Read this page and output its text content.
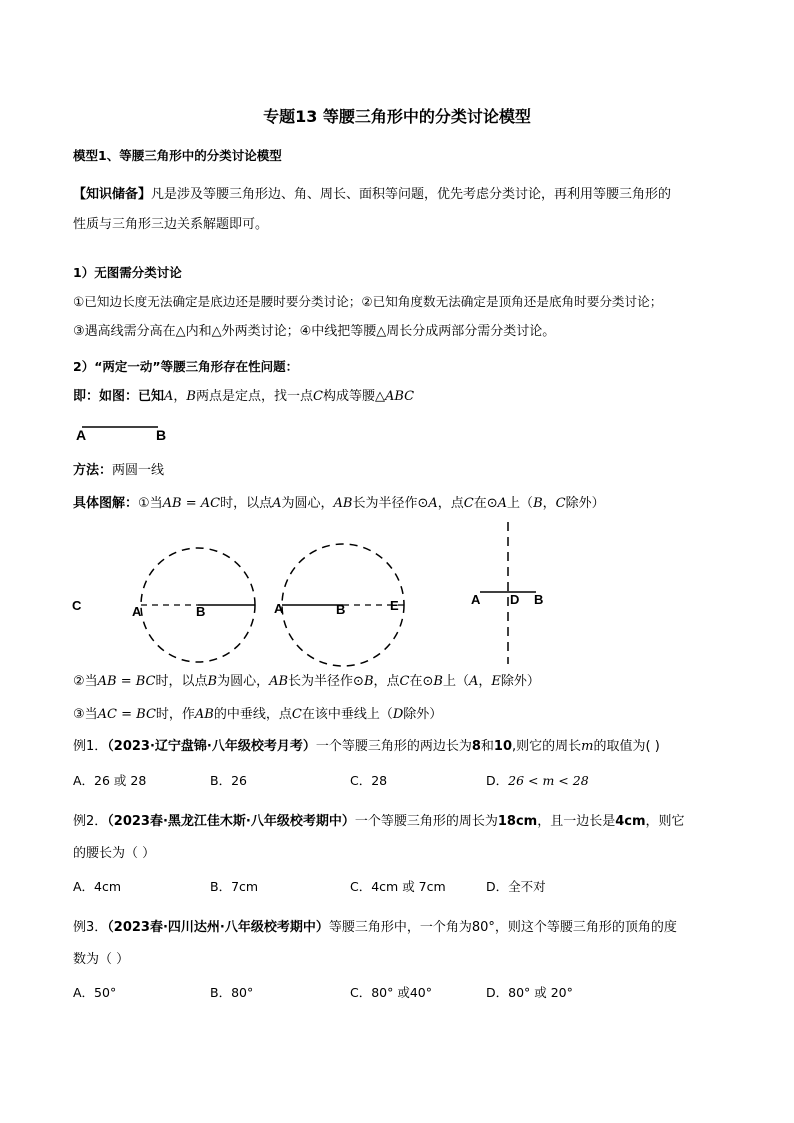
专题13 等腰三角形中的分类讨论模型
模型1、等腰三角形中的分类讨论模型
【知识储备】凡是涉及等腰三角形边、角、周长、面积等问题，优先考虑分类讨论，再利用等腰三角形的
性质与三角形三边关系解题即可。
1）无图需分类讨论
①已知边长度无法确定是底边还是腰时要分类讨论；②已知角度数无法确定是顶角还是底角时要分类讨论；
③遇高线需分高在△内和△外两类讨论；④中线把等腰△周长分成两部分需分类讨论。
2）“两定一动”等腰三角形存在性问题：
即：如图：已知A，B两点是定点，找一点C构成等腰△ABC
A	B
方法：两圆一线
具体图解：①当AB = AC时，以点A为圆心，AB长为半径作⊙A，点C在⊙A上（B，C除外）
C	A	B	A	B	E	A D B
②当AB = BC时，以点B为圆心，AB长为半径作⊙B，点C在⊙B上（A，E除外）
③当AC = BC时，作AB的中垂线，点C在该中垂线上（D除外）
例1．（2023·辽宁盘锦·八年级校考月考）一个等腰三角形的两边长为8和10,则它的周长m的取值为( )
A．26 或 28	B．26	C．28	D．26 < m < 28
例2．（2023春·黑龙江佳木斯·八年级校考期中）一个等腰三角形的周长为18cm，且一边长是4cm，则它
的腰长为（ ）
A．4cm	B．7cm	C．4cm 或 7cm	D．全不对
例3．（2023春·四川达州·八年级校考期中）等腰三角形中，一个角为80°，则这个等腰三角形的顶角的度
数为（ ）
A．50°	B．80°	C．80° 或40°	D．80° 或 20°
